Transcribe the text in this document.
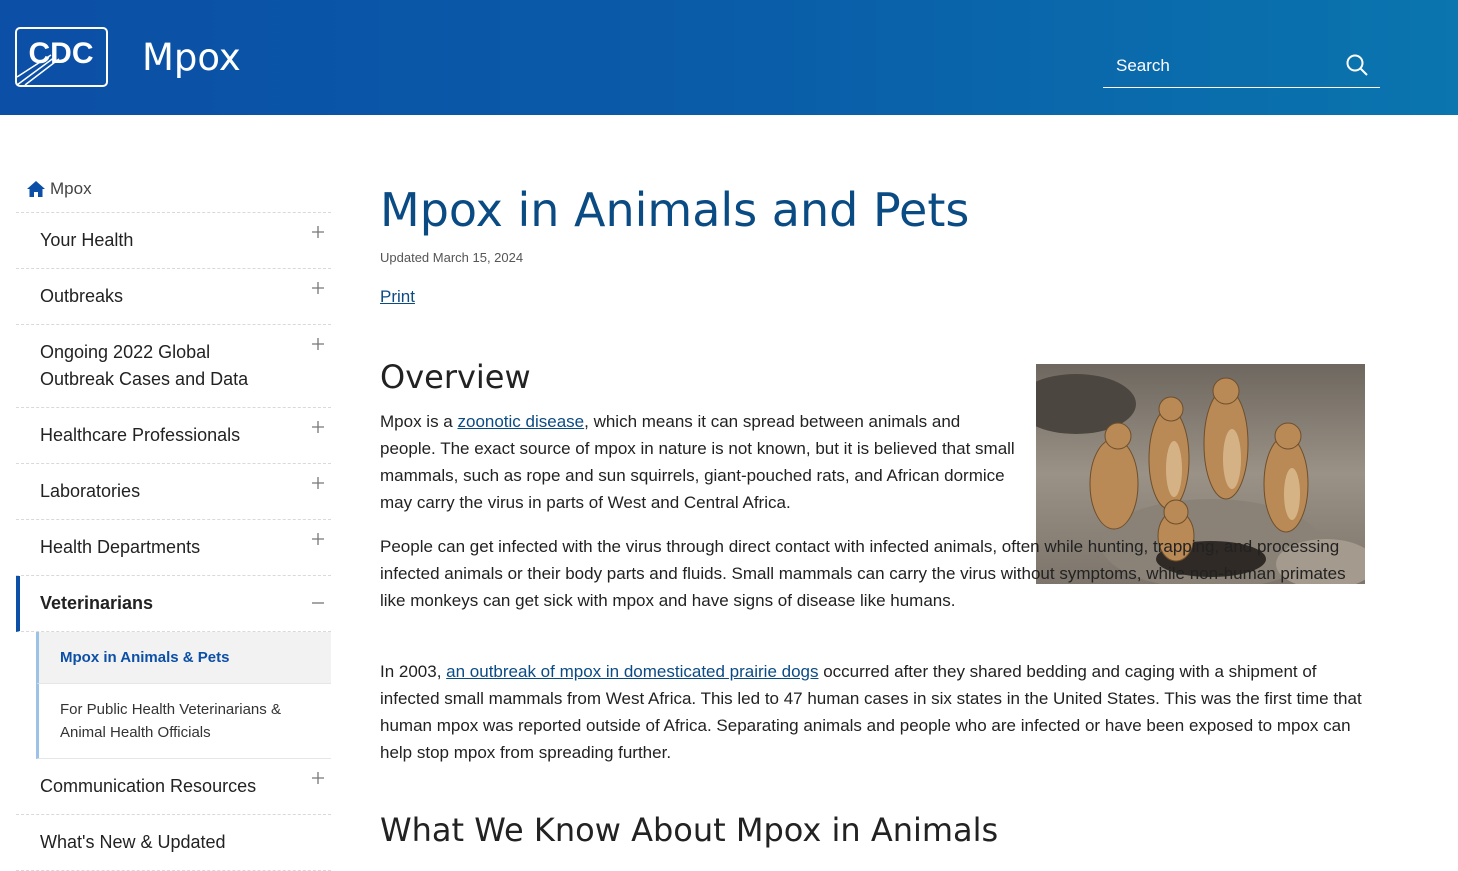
CDC Mpox
Search
Mpox
Your Health
Outbreaks
Ongoing 2022 Global Outbreak Cases and Data
Healthcare Professionals
Laboratories
Health Departments
Veterinarians
Mpox in Animals & Pets
For Public Health Veterinarians & Animal Health Officials
Communication Resources
What's New & Updated
Mpox in Animals and Pets
Updated March 15, 2024
Print
Overview

Mpox is a zoonotic disease, which means it can spread between animals and people. The exact source of mpox in nature is not known, but it is believed that small mammals, such as rope and sun squirrels, giant-pouched rats, and African dormice may carry the virus in parts of West and Central Africa.

People can get infected with the virus through direct contact with infected animals, often while hunting, trapping, and processing infected animals or their body parts and fluids. Small mammals can carry the virus without symptoms, while non-human primates like monkeys can get sick with mpox and have signs of disease like humans.

In 2003, an outbreak of mpox in domesticated prairie dogs occurred after they shared bedding and caging with a shipment of infected small mammals from West Africa. This led to 47 human cases in six states in the United States. This was the first time that human mpox was reported outside of Africa. Separating animals and people who are infected or have been exposed to mpox can help stop mpox from spreading further.

What We Know About Mpox in Animals
